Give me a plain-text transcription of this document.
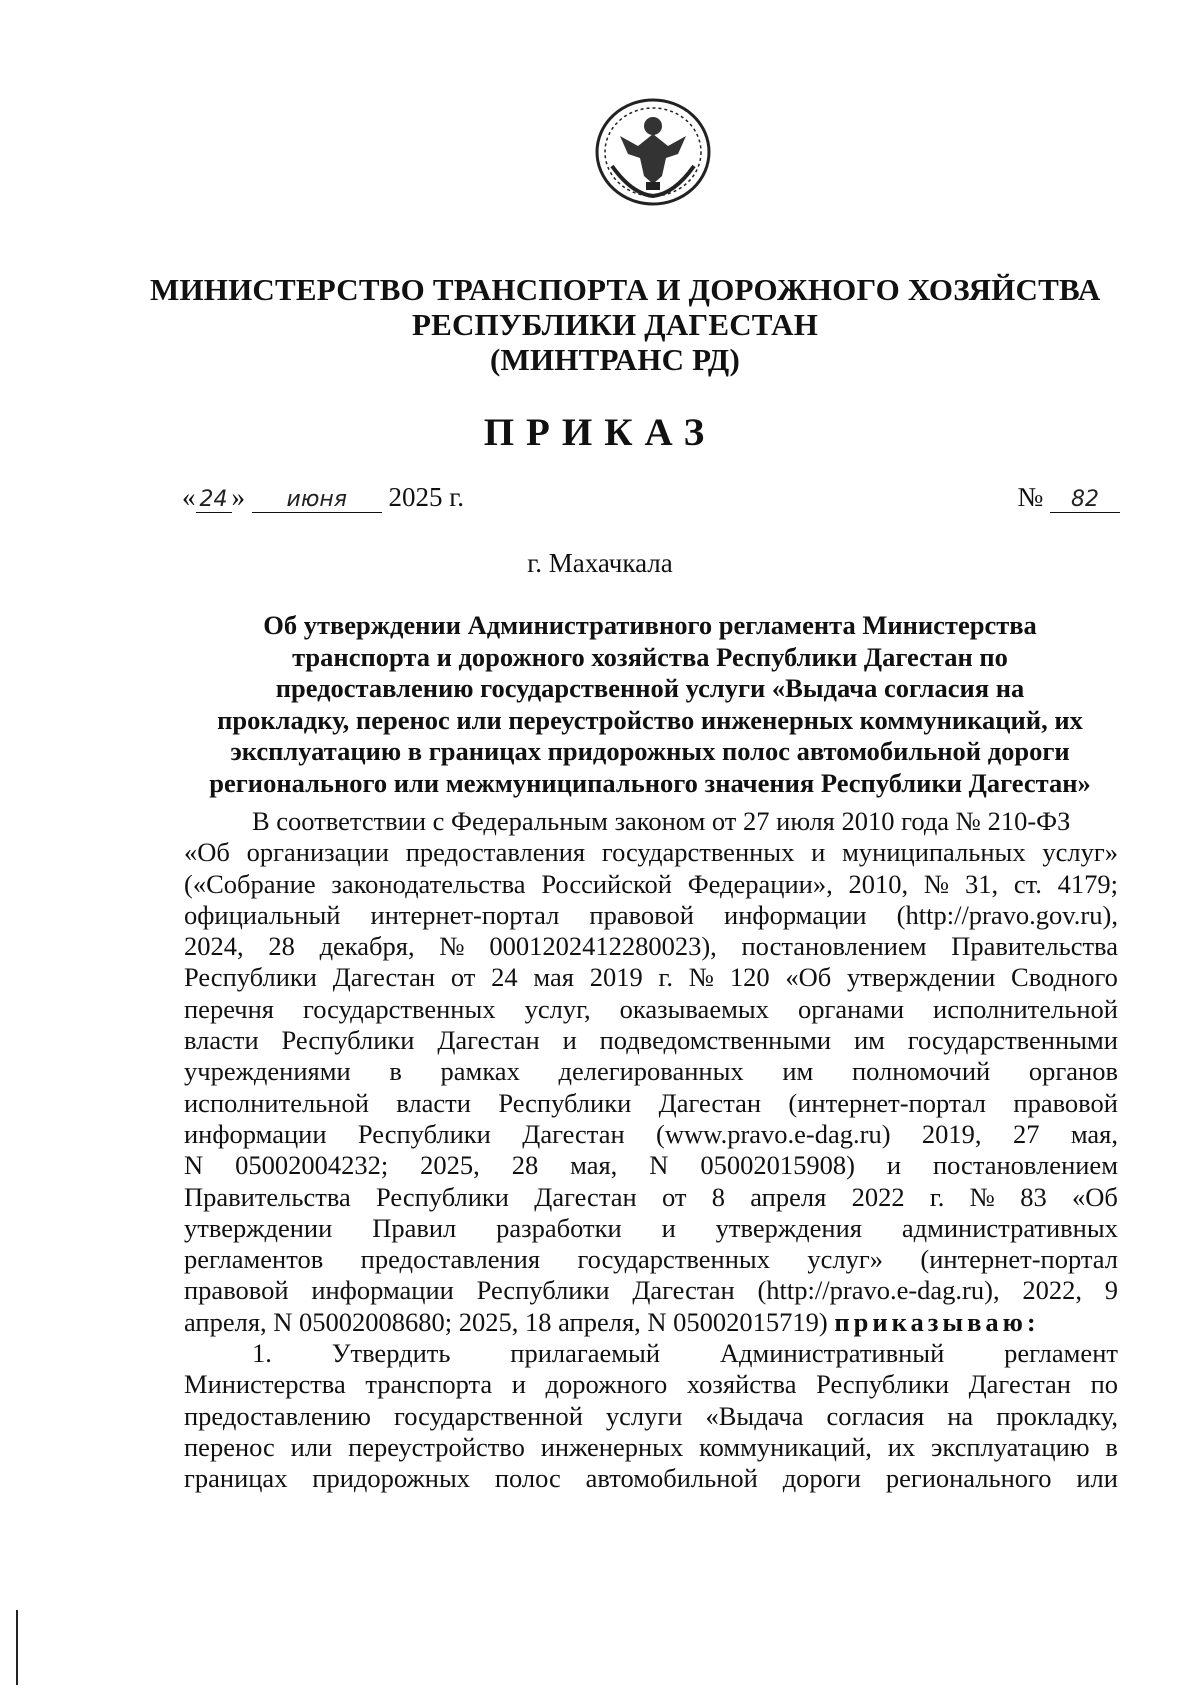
МИНИСТЕРСТВО ТРАНСПОРТА И ДОРОЖНОГО ХОЗЯЙСТВА
РЕСПУБЛИКИ ДАГЕСТАН
(МИНТРАНС РД)
ПРИКАЗ
« 24 » июня 2025 г.	№ 82
г. Махачкала
Об утверждении Административного регламента Министерства
транспорта и дорожного хозяйства Республики Дагестан по
предоставлению государственной услуги «Выдача согласия на
прокладку, перенос или переустройство инженерных коммуникаций, их
эксплуатацию в границах придорожных полос автомобильной дороги
регионального или межмуниципального значения Республики Дагестан»
В соответствии с Федеральным законом от 27 июля 2010 года № 210-ФЗ
«Об организации предоставления государственных и муниципальных услуг»
(«Собрание законодательства Российской Федерации», 2010, № 31, ст. 4179;
официальный интернет-портал правовой информации (http://pravo.gov.ru),
2024, 28 декабря, № 0001202412280023), постановлением Правительства
Республики Дагестан от 24 мая 2019 г. № 120 «Об утверждении Сводного
перечня государственных услуг, оказываемых органами исполнительной
власти Республики Дагестан и подведомственными им государственными
учреждениями в рамках делегированных им полномочий органов
исполнительной власти Республики Дагестан (интернет-портал правовой
информации Республики Дагестан (www.pravo.e-dag.ru) 2019, 27 мая,
N 05002004232; 2025, 28 мая, N 05002015908) и постановлением
Правительства Республики Дагестан от 8 апреля 2022 г. № 83 «Об
утверждении Правил разработки и утверждения административных
регламентов предоставления государственных услуг» (интернет-портал
правовой информации Республики Дагестан (http://pravo.e-dag.ru), 2022, 9
апреля, N 05002008680; 2025, 18 апреля, N 05002015719)
приказываю:
1. Утвердить прилагаемый Административный регламент
Министерства транспорта и дорожного хозяйства Республики Дагестан по
предоставлению государственной услуги «Выдача согласия на прокладку,
перенос или переустройство инженерных коммуникаций, их эксплуатацию в
границах придорожных полос автомобильной дороги регионального или
